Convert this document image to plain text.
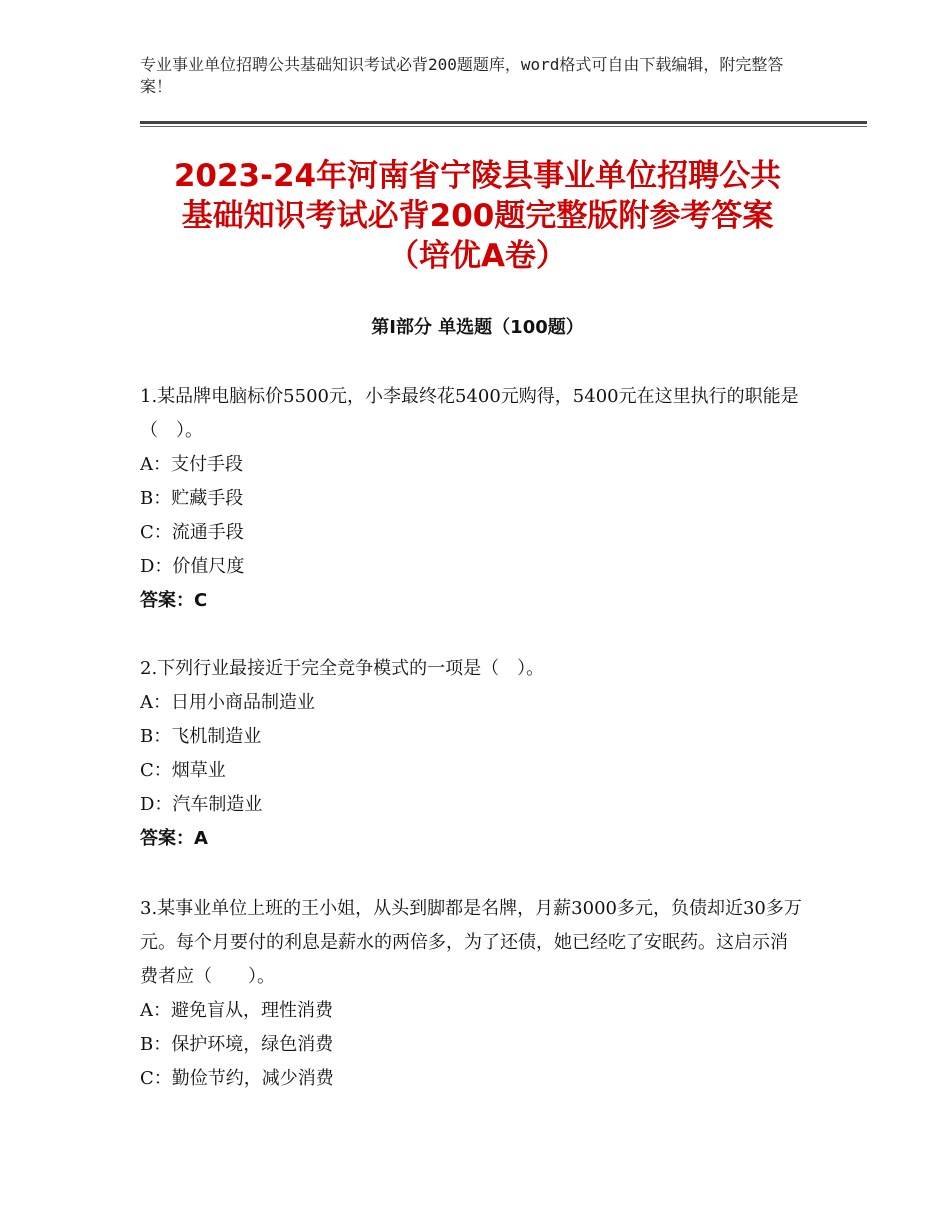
专业事业单位招聘公共基础知识考试必背200题题库，word格式可自由下载编辑，附完整答案！
2023-24年河南省宁陵县事业单位招聘公共
基础知识考试必背200题完整版附参考答案
（培优A卷）
第Ⅰ部分 单选题（100题）

1.某品牌电脑标价5500元，小李最终花5400元购得，5400元在这里执行的职能是（　）。

A：支付手段

B：贮藏手段

C：流通手段

D：价值尺度

答案：C

2.下列行业最接近于完全竞争模式的一项是（　）。

A：日用小商品制造业

B：飞机制造业

C：烟草业

D：汽车制造业

答案：A

3.某事业单位上班的王小姐，从头到脚都是名牌，月薪3000多元，负债却近30多万元。每个月要付的利息是薪水的两倍多，为了还债，她已经吃了安眠药。这启示消费者应（　　）。

A：避免盲从，理性消费

B：保护环境，绿色消费

C：勤俭节约，减少消费
